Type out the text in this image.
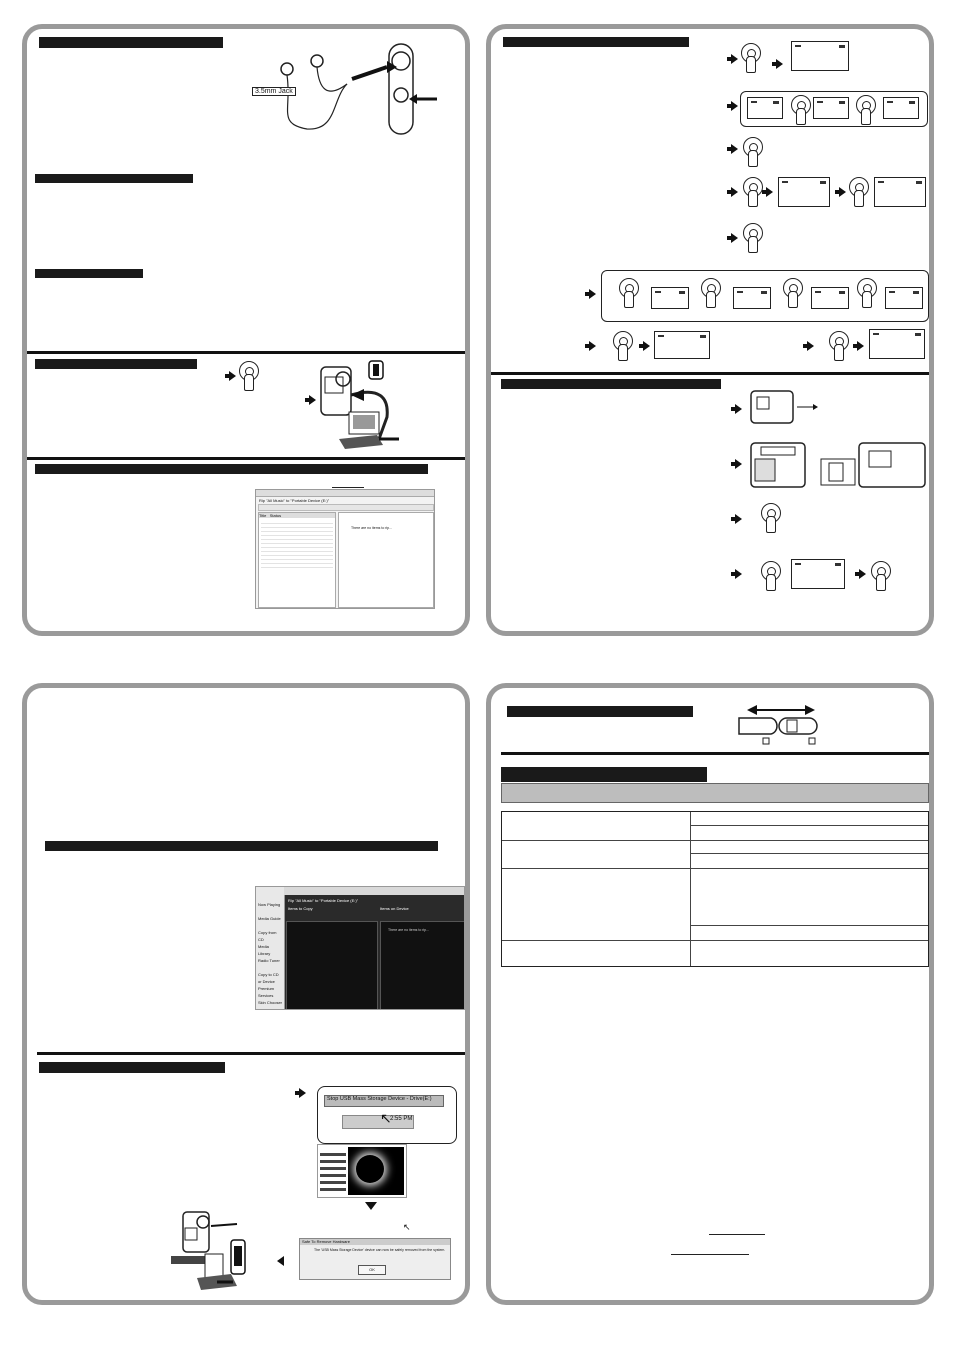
3.5mm Jack
Rip "All Music" to "Portable Device (E:)"
Title Status
There are no items to rip...
Now Playing
Media Guide
Copy from CD
Media Library
Radio Tuner
Copy to CD or Device
Premium Services
Skin Chooser
Rip "All Music" to "Portable Device (E:)"
Items to Copy	Items on Device
There are no items to rip...
Stop USB Mass Storage Device - Drive(E:)
2:55 PM
↖
↖
Safe To Remove Hardware
The 'USB Mass Storage Device' device can now be safely removed from the system.
OK
